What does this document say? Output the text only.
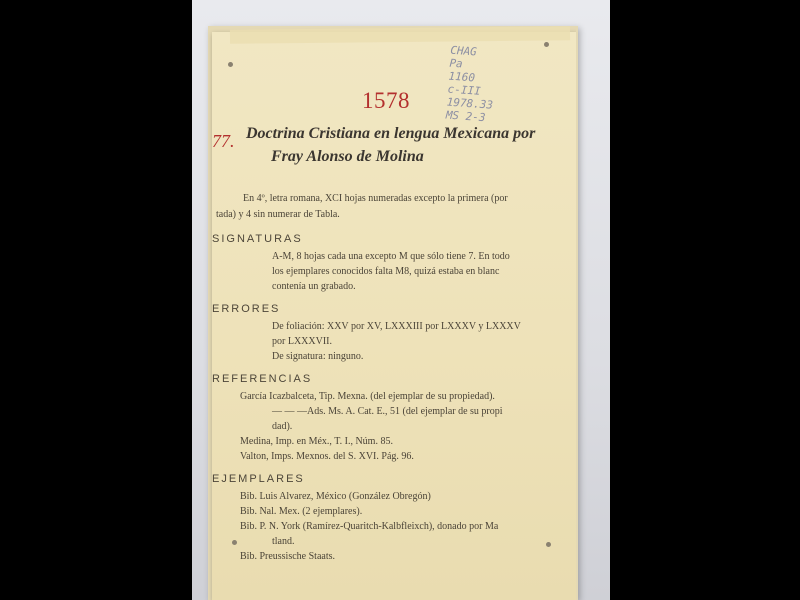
CHAG
Pa
1160
c-III
1978.33
MS 2-3
1578
77. Doctrina Cristiana en lengua Mexicana por
Fray Alonso de Molina
En 4º, letra romana, XCI hojas numeradas excepto la primera (por
tada) y 4 sin numerar de Tabla.
SIGNATURAS
A-M, 8 hojas cada una excepto M que sólo tiene 7. En todo
los ejemplares conocidos falta M8, quizá estaba en blanc
contenía un grabado.
ERRORES
De foliación: XXV por XV, LXXXIII por LXXXV y LXXXV
por LXXXVII.
De signatura: ninguno.
REFERENCIAS
García Icazbalceta, Tip. Mexna. (del ejemplar de su propiedad).
— — —Ads. Ms. A. Cat. E., 51 (del ejemplar de su propi
dad).
Medina, Imp. en Méx., T. I., Núm. 85.
Valton, Imps. Mexnos. del S. XVI. Pág. 96.
EJEMPLARES
Bib. Luis Alvarez, México (González Obregón)
Bib. Nal. Mex. (2 ejemplares).
Bib. P. N. York (Ramírez-Quaritch-Kalbfleixch), donado por Ma
tland.
Bib. Preussische Staats.
